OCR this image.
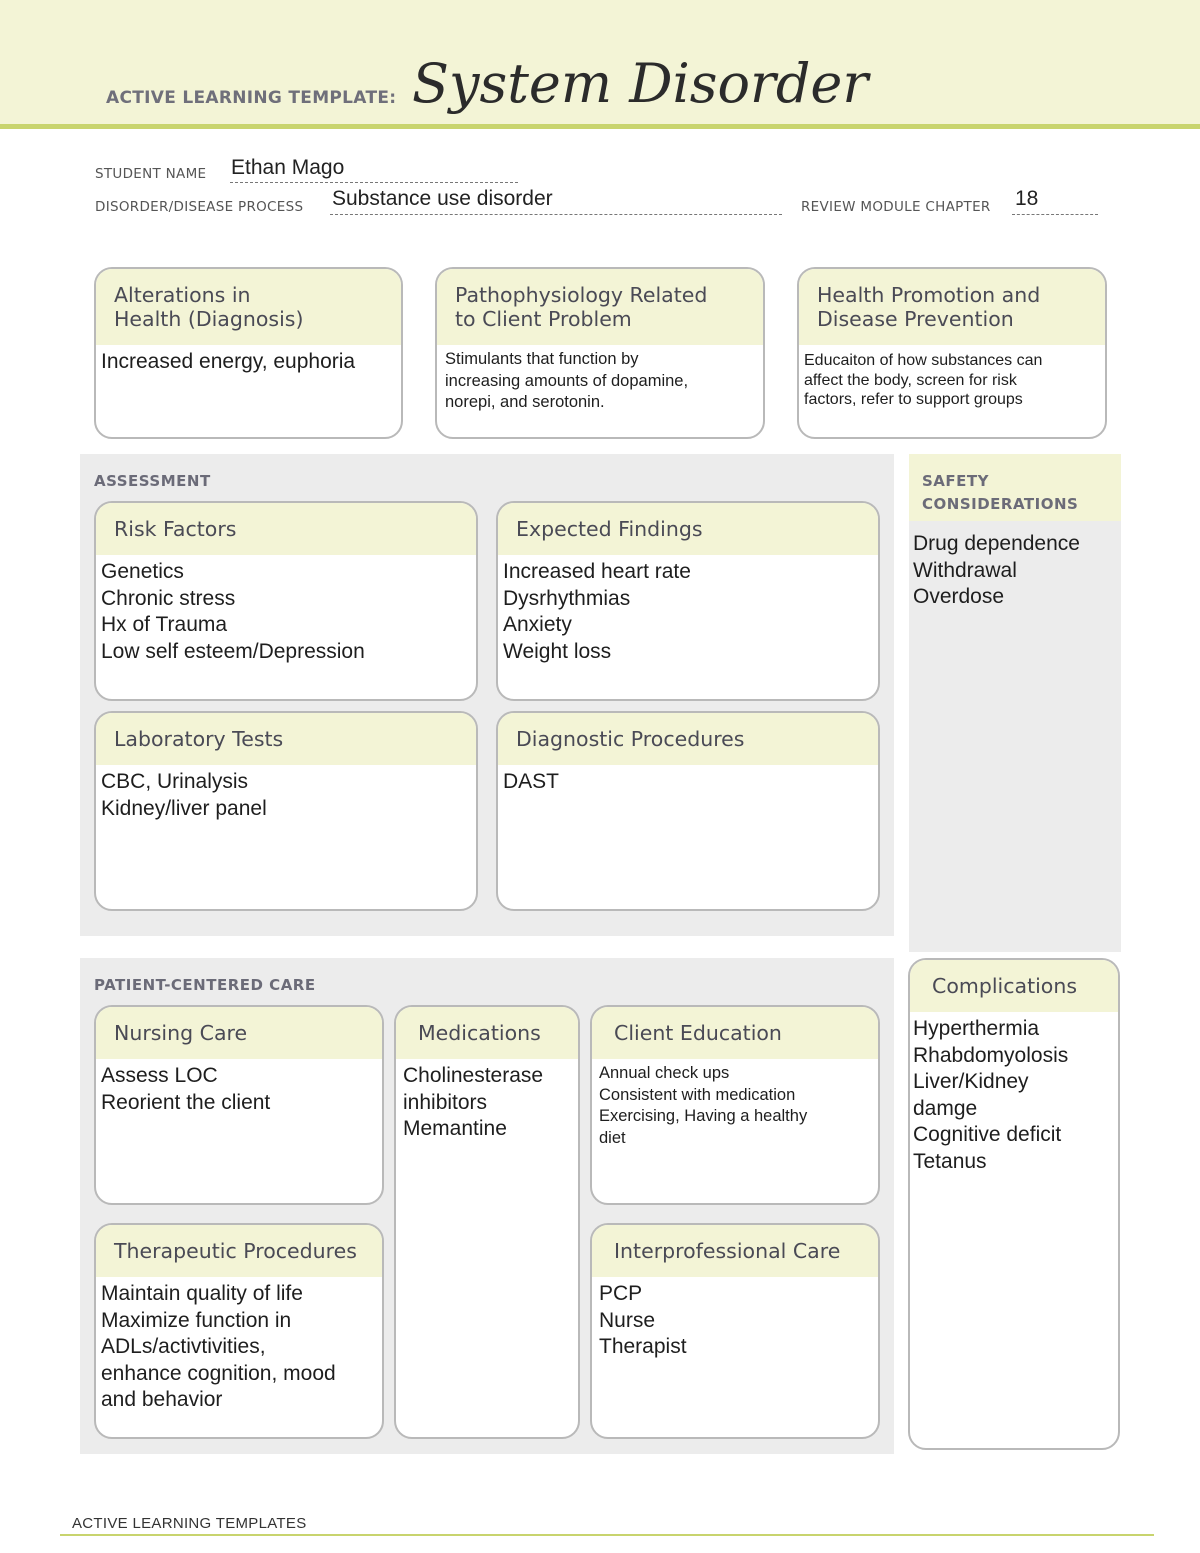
ACTIVE LEARNING TEMPLATE: System Disorder
STUDENT NAME Ethan Mago
DISORDER/DISEASE PROCESS Substance use disorder	REVIEW MODULE CHAPTER 18
Alterations in
Health (Diagnosis)
Increased energy, euphoria
Pathophysiology Related
to Client Problem
Stimulants that function by
increasing amounts of dopamine,
norepi, and serotonin.
Health Promotion and
Disease Prevention
Educaiton of how substances can
affect the body, screen for risk
factors, refer to support groups
ASSESSMENT
Risk Factors
Genetics
Chronic stress
Hx of Trauma
Low self esteem/Depression
Expected Findings
Increased heart rate
Dysrhythmias
Anxiety
Weight loss
Laboratory Tests
CBC, Urinalysis
Kidney/liver panel
Diagnostic Procedures
DAST
SAFETY
CONSIDERATIONS
Drug dependence
Withdrawal
Overdose
PATIENT-CENTERED CARE
Nursing Care
Assess LOC
Reorient the client
Medications
Cholinesterase
inhibitors
Memantine
Client Education
Annual check ups
Consistent with medication
Exercising, Having a healthy
diet
Therapeutic Procedures
Maintain quality of life
Maximize function in
ADLs/activtivities,
enhance cognition, mood
and behavior
Interprofessional Care
PCP
Nurse
Therapist
Complications
Hyperthermia
Rhabdomyolosis
Liver/Kidney
damge
Cognitive deficit
Tetanus
ACTIVE LEARNING TEMPLATES
